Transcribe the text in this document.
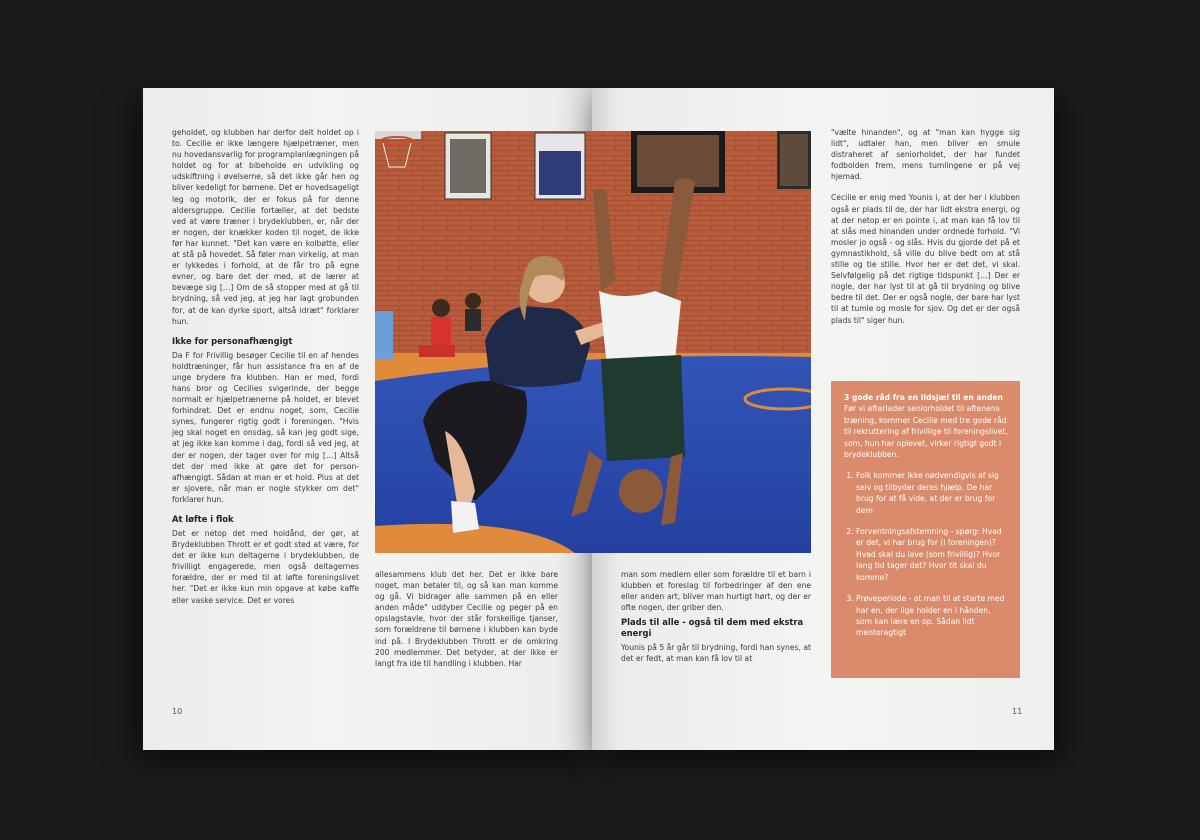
geholdet, og klubben har derfor delt holdet op i to. Cecilie er ikke længere hjælpetræner, men nu hovedansvarlig for programplanlægningen på holdet og for at bibeholde en udvikling og udskiftning i øvelserne, så det ikke går hen og bliver kedeligt for børnene. Det er hovedsageligt leg og motorik, der er fokus på for denne aldersgruppe. Cecilie fortæller, at det bedste ved at være træner i brydeklubben, er, når der er nogen, der knækker koden til noget, de ikke før har kunnet. "Det kan være en kolbøtte, eller at stå på hovedet. Så føler man virkelig, at man er lykkedes i forhold, at de får tro på egne evner, og bare det der med, at de lærer at bevæge sig […] Om de så stopper med at gå til brydning, så ved jeg, at jeg har lagt grobunden for, at de kan dyrke sport, altså idræt" forklarer hun.

Ikke for personafhængigt

Da F for Frivillig besøger Cecilie til en af hendes holdtræninger, får hun assistance fra en af de unge brydere fra klubben. Han er med, fordi hans bror og Cecilies svigerinde, der begge normalt er hjælpetrænerne på holdet, er blevet forhindret. Det er endnu noget, som, Cecilie synes, fungerer rigtig godt i foreningen. "Hvis jeg skal noget en onsdag, så kan jeg godt sige, at jeg ikke kan komme i dag, fordi så ved jeg, at der er nogen, der tager over for mig […] Altså det der med ikke at gøre det for person- afhængigt. Sådan at man er et hold. Plus at det er sjovere, når man er nogle stykker om det" forklarer hun.

At løfte i flok

Det er netop det med holdånd, der gør, at Brydeklubben Thrott er et godt sted at være, for det er ikke kun deltagerne i brydeklubben, de frivilligt engagerede, men også deltagernes forældre, der er med til at løfte foreningslivet her. "Det er ikke kun min opgave at købe kaffe eller vaske service. Det er vores

allesammens klub det her. Det er ikke bare noget, man betaler til, og så kan man komme og gå. Vi bidrager alle sammen på en eller anden måde" uddyber Cecilie og peger på en opslagstavle, hvor der står forskellige tjanser, som forældrene til børnene i klubben kan byde ind på. I Brydeklubben Thrott er de omkring 200 medlemmer. Det betyder, at der ikke er langt fra ide til handling i klubben. Har

man som medlem eller som forældre til et barn i klubben et foreslag til forbedringer af den ene eller anden art, bliver man hurtigt hørt, og der er ofte nogen, der griber den.

Plads til alle - også til dem med ekstra energi

Younis på 5 år går til brydning, fordi han synes, at det er fedt, at man kan få lov til at

"vælte hinanden", og at "man kan hygge sig lidt", udtaler han, men bliver en smule distraheret af seniorholdet, der har fundet fodbolden frem, mens tumlingene er på vej hjemad.

Cecilie er enig med Younis i, at der her i klubben også er plads til de, der har lidt ekstra energi, og at der netop er en pointe i, at man kan få lov til at slås med hinanden under ordnede forhold. "Vi mosler jo også - og slås. Hvis du gjorde det på et gymnastikhold, så ville du blive bedt om at stå stille og tie stille. Hvor her er det det, vi skal. Selvfølgelig på det rigtige tidspunkt […] Der er nogle, der har lyst til at gå til brydning og blive bedre til det. Der er også nogle, der bare har lyst til at tumle og mosle for sjov. Og det er der også plads til" siger hun.

3 gode råd fra en ildsjæl til en anden
Før vi efterlader seniorholdet til aftenens træning, kommer Cecilie med tre gode råd til rekruttering af frivillige til foreningslivet, som, hun har oplevet, virker rigtigt godt i brydeklubben.
1. Folk kommer ikke nødvendigvis af sig selv og tilbyder deres hjælp. De har brug for at få vide, at der er brug for dem
2. Forventningsafstemning - spørg: Hvad er det, vi har brug for (i foreningen)? Hvad skal du lave (som frivillig)? Hvor lang tid tager det? Hvor tit skal du komme?
3. Prøveperiode - at man til at starte med har en, der lige holder en i hånden, som kan lære en op. Sådan lidt mentoragtigt
10	11
